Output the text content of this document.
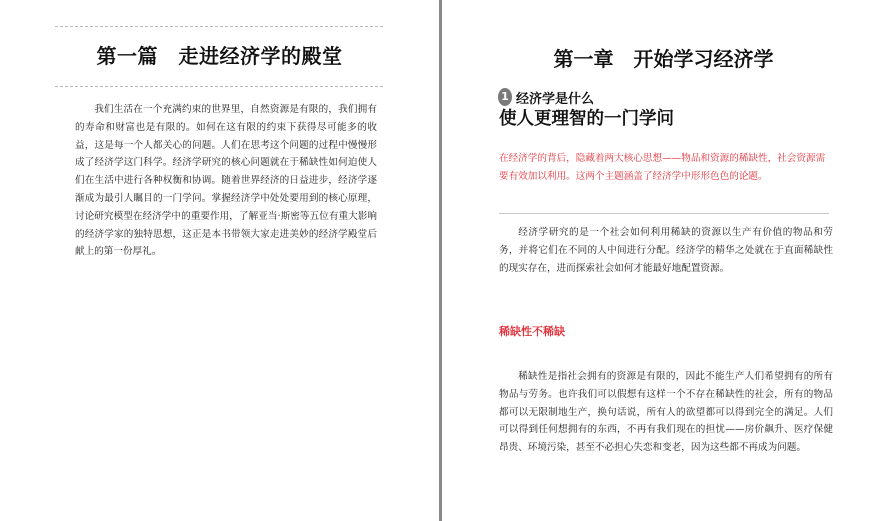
第一篇　走进经济学的殿堂

我们生活在一个充满约束的世界里，自然资源是有限的，我们拥有的寿命和财富也是有限的。如何在这有限的约束下获得尽可能多的收益，这是每一个人都关心的问题。人们在思考这个问题的过程中慢慢形成了经济学这门科学。经济学研究的核心问题就在于稀缺性如何迫使人们在生活中进行各种权衡和协调。随着世界经济的日益进步，经济学逐渐成为最引人瞩目的一门学问。掌握经济学中处处要用到的核心原理，讨论研究模型在经济学中的重要作用，了解亚当·斯密等五位有重大影响的经济学家的独特思想，这正是本书带领大家走进美妙的经济学殿堂后献上的第一份厚礼。

第一章　开始学习经济学
1 经济学是什么
使人更理智的一门学问
在经济学的背后，隐藏着两大核心思想——物品和资源的稀缺性，社会资源需要有效加以利用。这两个主题涵盖了经济学中形形色色的论题。

经济学研究的是一个社会如何利用稀缺的资源以生产有价值的物品和劳务，并将它们在不同的人中间进行分配。经济学的精华之处就在于直面稀缺性的现实存在，进而探索社会如何才能最好地配置资源。

稀缺性不稀缺

稀缺性是指社会拥有的资源是有限的，因此不能生产人们希望拥有的所有物品与劳务。也许我们可以假想有这样一个不存在稀缺性的社会，所有的物品都可以无限制地生产，换句话说，所有人的欲望都可以得到完全的满足。人们可以得到任何想拥有的东西，不再有我们现在的担忧——房价飙升、医疗保健昂贵、环境污染，甚至不必担心失恋和变老，因为这些都不再成为问题。
